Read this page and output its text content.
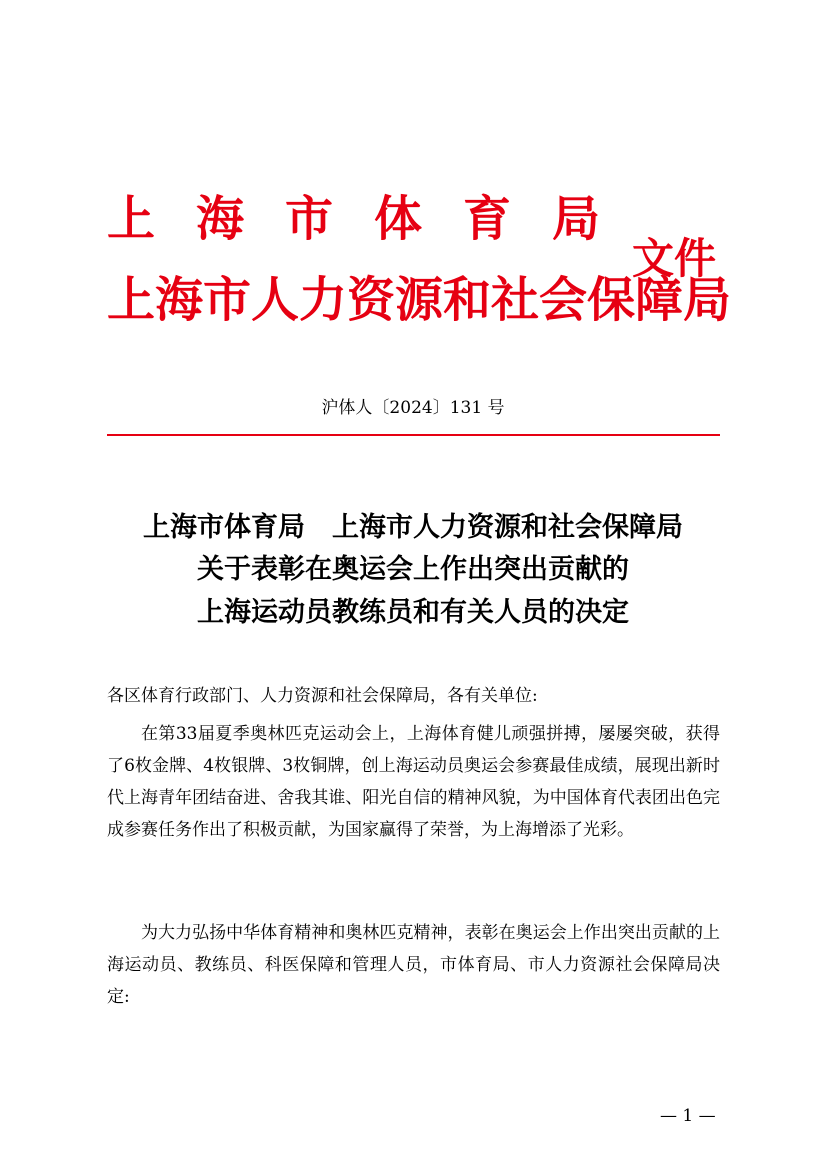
上海市体育局
上海市人力资源和社会保障局
文件
沪体人〔2024〕131 号
上海市体育局　上海市人力资源和社会保障局
关于表彰在奥运会上作出突出贡献的
上海运动员教练员和有关人员的决定
各区体育行政部门、人力资源和社会保障局，各有关单位:
在第33届夏季奥林匹克运动会上，上海体育健儿顽强拼搏，屡屡突破，获得了6枚金牌、4枚银牌、3枚铜牌，创上海运动员奥运会参赛最佳成绩，展现出新时代上海青年团结奋进、舍我其谁、阳光自信的精神风貌，为中国体育代表团出色完成参赛任务作出了积极贡献，为国家赢得了荣誉，为上海增添了光彩。
为大力弘扬中华体育精神和奥林匹克精神，表彰在奥运会上作出突出贡献的上海运动员、教练员、科医保障和管理人员，市体育局、市人力资源社会保障局决定:
— 1 —
